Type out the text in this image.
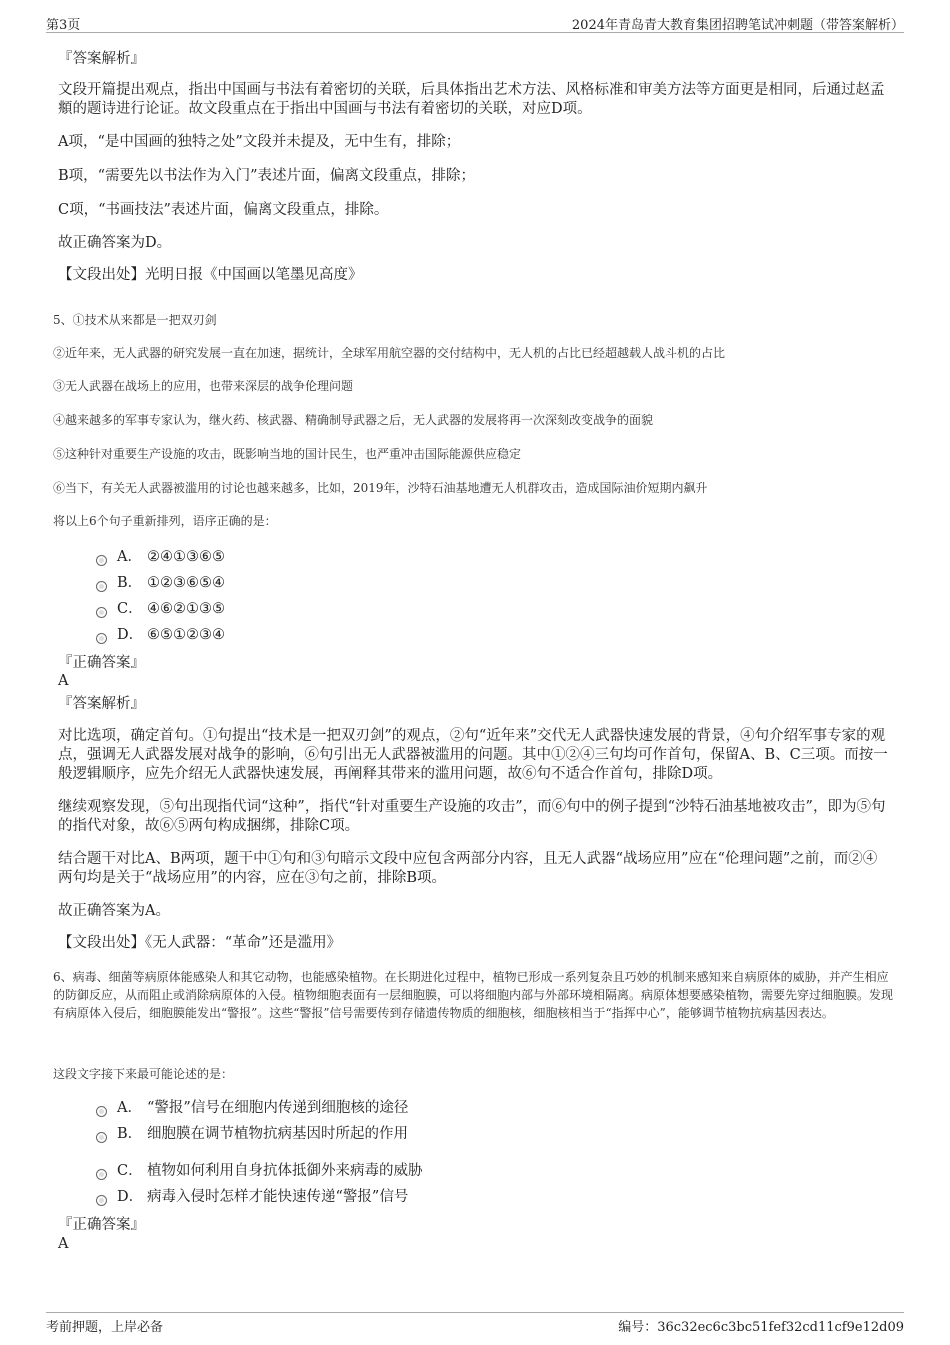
第3页	2024年青岛青大教育集团招聘笔试冲刺题（带答案解析）

『答案解析』

文段开篇提出观点，指出中国画与书法有着密切的关联，后具体指出艺术方法、风格标准和审美方法等方面更是相同，后通过赵孟頫的题诗进行论证。故文段重点在于指出中国画与书法有着密切的关联，对应D项。

A项，“是中国画的独特之处”文段并未提及，无中生有，排除；

B项，“需要先以书法作为入门”表述片面，偏离文段重点，排除；

C项，“书画技法”表述片面，偏离文段重点，排除。

故正确答案为D。

【文段出处】光明日报《中国画以笔墨见高度》

5、①技术从来都是一把双刃剑

②近年来，无人武器的研究发展一直在加速，据统计，全球军用航空器的交付结构中，无人机的占比已经超越载人战斗机的占比

③无人武器在战场上的应用，也带来深层的战争伦理问题

④越来越多的军事专家认为，继火药、核武器、精确制导武器之后，无人武器的发展将再一次深刻改变战争的面貌

⑤这种针对重要生产设施的攻击，既影响当地的国计民生，也严重冲击国际能源供应稳定

⑥当下，有关无人武器被滥用的讨论也越来越多，比如，2019年，沙特石油基地遭无人机群攻击，造成国际油价短期内飙升

将以上6个句子重新排列，语序正确的是：

A． ②④①③⑥⑤
B． ①②③⑥⑤④
C． ④⑥②①③⑤
D． ⑥⑤①②③④

『正确答案』

A

『答案解析』

对比选项，确定首句。①句提出“技术是一把双刃剑”的观点，②句“近年来”交代无人武器快速发展的背景，④句介绍军事专家的观点，强调无人武器发展对战争的影响，⑥句引出无人武器被滥用的问题。其中①②④三句均可作首句，保留A、B、C三项。而按一般逻辑顺序，应先介绍无人武器快速发展，再阐释其带来的滥用问题，故⑥句不适合作首句，排除D项。

继续观察发现，⑤句出现指代词“这种”，指代“针对重要生产设施的攻击”，而⑥句中的例子提到“沙特石油基地被攻击”，即为⑤句的指代对象，故⑥⑤两句构成捆绑，排除C项。

结合题干对比A、B两项，题干中①句和③句暗示文段中应包含两部分内容，且无人武器“战场应用”应在“伦理问题”之前，而②④两句均是关于“战场应用”的内容，应在③句之前，排除B项。

故正确答案为A。

【文段出处】《无人武器：“革命”还是滥用》

6、病毒、细菌等病原体能感染人和其它动物，也能感染植物。在长期进化过程中，植物已形成一系列复杂且巧妙的机制来感知来自病原体的威胁，并产生相应的防御反应，从而阻止或消除病原体的入侵。植物细胞表面有一层细胞膜，可以将细胞内部与外部环境相隔离。病原体想要感染植物，需要先穿过细胞膜。发现有病原体入侵后，细胞膜能发出“警报”。这些“警报”信号需要传到存储遗传物质的细胞核，细胞核相当于“指挥中心”，能够调节植物抗病基因表达。

这段文字接下来最可能论述的是：

A． “警报”信号在细胞内传递到细胞核的途径
B． 细胞膜在调节植物抗病基因时所起的作用
C． 植物如何利用自身抗体抵御外来病毒的威胁
D． 病毒入侵时怎样才能快速传递“警报”信号

『正确答案』

A

考前押题，上岸必备	编号：36c32ec6c3bc51fef32cd11cf9e12d09
